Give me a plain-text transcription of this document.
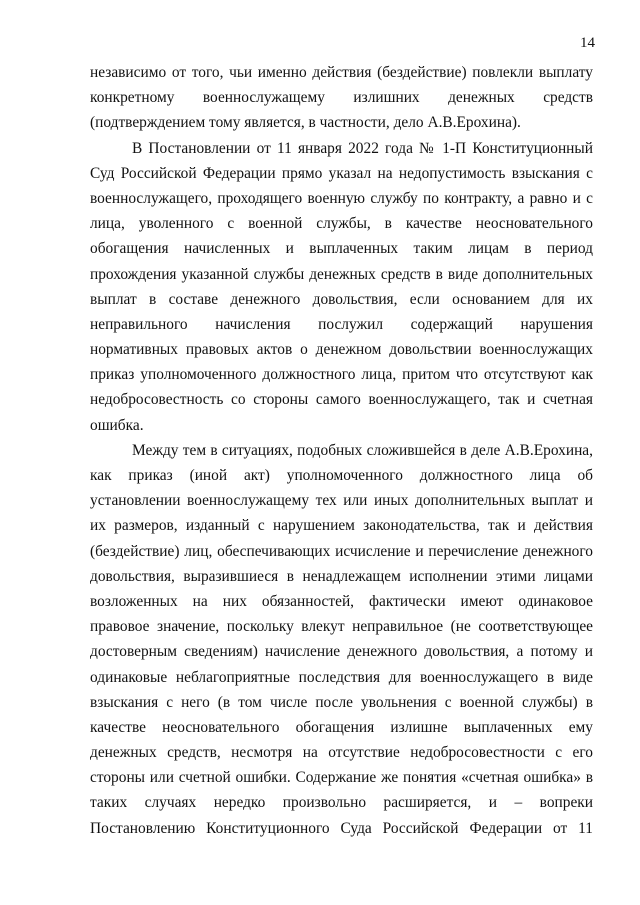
14
независимо от того, чьи именно действия (бездействие) повлекли выплату
конкретному военнослужащему излишних денежных средств
(подтверждением тому является, в частности, дело А.В.Ерохина).
В Постановлении от 11 января 2022 года № 1-П Конституционный
Суд Российской Федерации прямо указал на недопустимость взыскания с
военнослужащего, проходящего военную службу по контракту, а равно и с
лица, уволенного с военной службы, в качестве неосновательного
обогащения начисленных и выплаченных таким лицам в период
прохождения указанной службы денежных средств в виде дополнительных
выплат в составе денежного довольствия, если основанием для их
неправильного начисления послужил содержащий нарушения
нормативных правовых актов о денежном довольствии военнослужащих
приказ уполномоченного должностного лица, притом что отсутствуют как
недобросовестность со стороны самого военнослужащего, так и счетная
ошибка.
Между тем в ситуациях, подобных сложившейся в деле А.В.Ерохина,
как приказ (иной акт) уполномоченного должностного лица об
установлении военнослужащему тех или иных дополнительных выплат и
их размеров, изданный с нарушением законодательства, так и действия
(бездействие) лиц, обеспечивающих исчисление и перечисление денежного
довольствия, выразившиеся в ненадлежащем исполнении этими лицами
возложенных на них обязанностей, фактически имеют одинаковое
правовое значение, поскольку влекут неправильное (не соответствующее
достоверным сведениям) начисление денежного довольствия, а потому и
одинаковые неблагоприятные последствия для военнослужащего в виде
взыскания с него (в том числе после увольнения с военной службы) в
качестве неосновательного обогащения излишне выплаченных ему
денежных средств, несмотря на отсутствие недобросовестности с его
стороны или счетной ошибки. Содержание же понятия «счетная ошибка» в
таких случаях нередко произвольно расширяется, и – вопреки
Постановлению Конституционного Суда Российской Федерации от 11
